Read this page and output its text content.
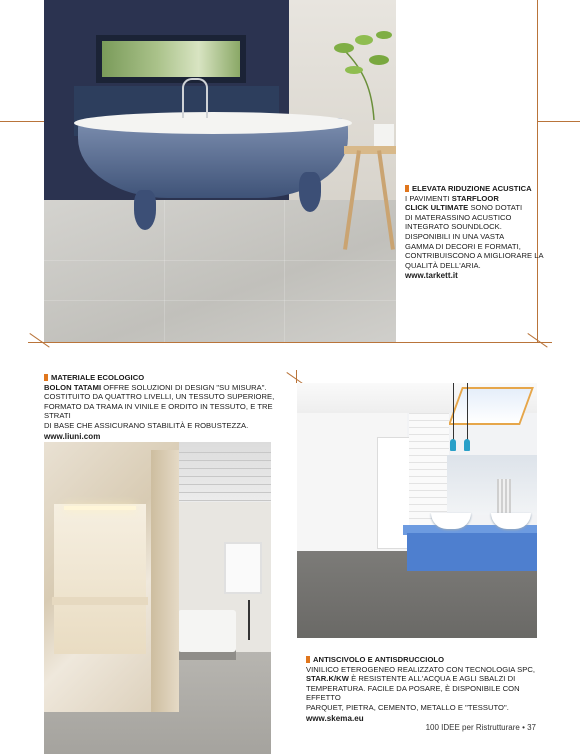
ELEVATA RIDUZIONE ACUSTICA
I PAVIMENTI STARFLOOR
CLICK ULTIMATE SONO DOTATI
DI MATERASSINO ACUSTICO
INTEGRATO SOUNDLOCK.
DISPONIBILI IN UNA VASTA
GAMMA DI DECORI E FORMATI,
CONTRIBUISCONO A MIGLIORARE LA
QUALITÀ DELL'ARIA.
www.tarkett.it
MATERIALE ECOLOGICO
BOLON TATAMI OFFRE SOLUZIONI DI DESIGN "SU MISURA".
COSTITUITO DA QUATTRO LIVELLI, UN TESSUTO SUPERIORE,
FORMATO DA TRAMA IN VINILE E ORDITO IN TESSUTO, E TRE STRATI
DI BASE CHE ASSICURANO STABILITÀ E ROBUSTEZZA.
www.liuni.com
ANTISCIVOLO E ANTISDRUCCIOLO
VINILICO ETEROGENEO REALIZZATO CON TECNOLOGIA SPC,
STAR.K/KW È RESISTENTE ALL'ACQUA E AGLI SBALZI DI
TEMPERATURA. FACILE DA POSARE, È DISPONIBILE CON EFFETTO
PARQUET, PIETRA, CEMENTO, METALLO E "TESSUTO".
www.skema.eu
100 IDEE per Ristrutturare • 37
